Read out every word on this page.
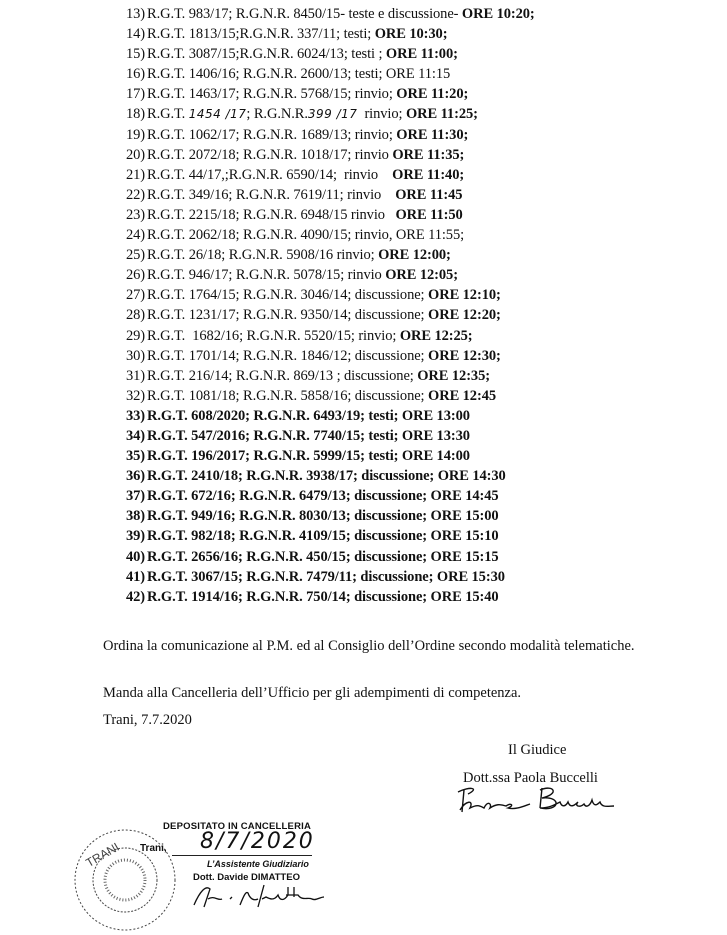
13) R.G.T. 983/17; R.G.N.R. 8450/15- teste e discussione- ORE 10:20;
14) R.G.T. 1813/15;R.G.N.R. 337/11; testi; ORE 10:30;
15) R.G.T. 3087/15;R.G.N.R. 6024/13; testi ; ORE 11:00;
16) R.G.T. 1406/16; R.G.N.R. 2600/13; testi; ORE 11:15
17) R.G.T. 1463/17; R.G.N.R. 5768/15; rinvio; ORE 11:20;
18) R.G.T. 1454 /17; R.G.N.R.399 /17  rinvio; ORE 11:25;
19) R.G.T. 1062/17; R.G.N.R. 1689/13; rinvio; ORE 11:30;
20) R.G.T. 2072/18; R.G.N.R. 1018/17; rinvio ORE 11:35;
21) R.G.T. 44/17,;R.G.N.R. 6590/14;  rinvio    ORE 11:40;
22) R.G.T. 349/16; R.G.N.R. 7619/11; rinvio    ORE 11:45
23) R.G.T. 2215/18; R.G.N.R. 6948/15 rinvio   ORE 11:50
24) R.G.T. 2062/18; R.G.N.R. 4090/15; rinvio, ORE 11:55;
25) R.G.T. 26/18; R.G.N.R. 5908/16 rinvio; ORE 12:00;
26) R.G.T. 946/17; R.G.N.R. 5078/15; rinvio ORE 12:05;
27) R.G.T. 1764/15; R.G.N.R. 3046/14; discussione; ORE 12:10;
28) R.G.T. 1231/17; R.G.N.R. 9350/14; discussione; ORE 12:20;
29) R.G.T.  1682/16; R.G.N.R. 5520/15; rinvio; ORE 12:25;
30) R.G.T. 1701/14; R.G.N.R. 1846/12; discussione; ORE 12:30;
31) R.G.T. 216/14; R.G.N.R. 869/13 ; discussione; ORE 12:35;
32) R.G.T. 1081/18; R.G.N.R. 5858/16; discussione; ORE 12:45
33) R.G.T. 608/2020; R.G.N.R. 6493/19; testi; ORE 13:00
34) R.G.T. 547/2016; R.G.N.R. 7740/15; testi; ORE 13:30
35) R.G.T. 196/2017; R.G.N.R. 5999/15; testi; ORE 14:00
36) R.G.T. 2410/18; R.G.N.R. 3938/17; discussione; ORE 14:30
37) R.G.T. 672/16; R.G.N.R. 6479/13; discussione; ORE 14:45
38) R.G.T. 949/16; R.G.N.R. 8030/13; discussione; ORE 15:00
39) R.G.T. 982/18; R.G.N.R. 4109/15; discussione; ORE 15:10
40) R.G.T. 2656/16; R.G.N.R. 450/15; discussione; ORE 15:15
41) R.G.T. 3067/15; R.G.N.R. 7479/11; discussione; ORE 15:30
42) R.G.T. 1914/16; R.G.N.R. 750/14; discussione; ORE 15:40
Ordina la comunicazione al P.M. ed al Consiglio dell’Ordine secondo modalità telematiche.
Manda alla Cancelleria dell’Ufficio per gli adempimenti di competenza.
Trani, 7.7.2020
Il Giudice
Dott.ssa Paola Buccelli
TRANI
DEPOSITATO IN CANCELLERIA
8/7/2020
Trani,
L’Assistente Giudiziario
Dott. Davide DIMATTEO
